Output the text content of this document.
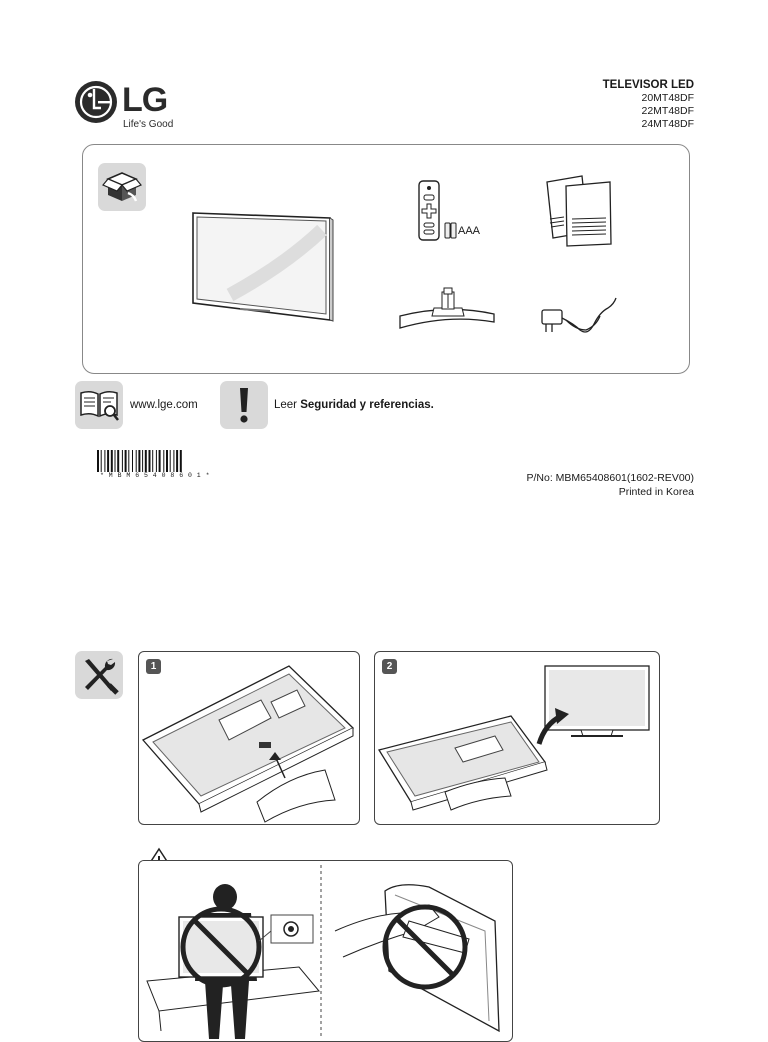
LG
Life's Good
TELEVISOR LED
20MT48DF
22MT48DF
24MT48DF
AAA
www.lge.com	Leer Seguridad y referencias.
* M B M 6 5 4 0 8 6 0 1 *	P/No: MBM65408601(1602-REV00)
Printed in Korea
1	2
